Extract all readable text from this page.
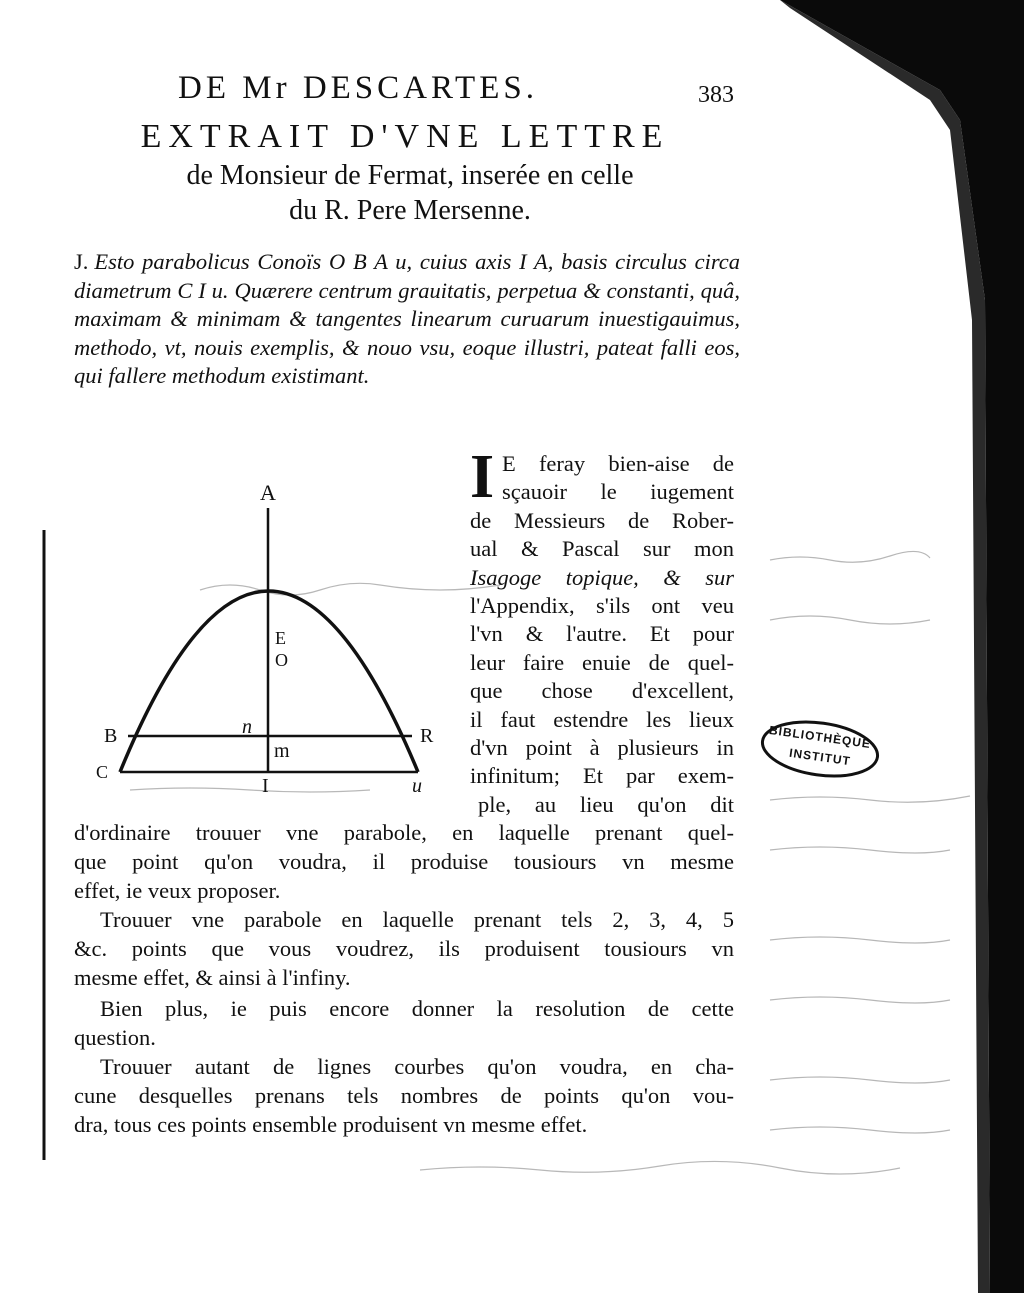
DE Mr DESCARTES.	383
EXTRAIT D'VNE LETTRE
de Monsieur de Fermat, inserée en celle
du R. Pere Mersenne.
J. Esto parabolicus Conoïs O B A u, cuius axis I A, basis circulus circa diametrum C I u. Quærere centrum grauitatis, perpetua & constanti, quâ, maximam & minimam & tangentes linearum curuarum inuestigauimus, methodo, vt, nouis exemplis, & nouo vsu, eoque illustri, pateat falli eos, qui fallere methodum existimant.
A
E
O
B	R
n
m
C
I	u
I E feray bien-aise de
sçauoir le iugement
de Messieurs de Rober-
ual & Pascal sur mon
Isagoge topique, & sur
l'Appendix, s'ils ont veu
l'vn & l'autre. Et pour
leur faire enuie de quel-
que chose d'excellent,
il faut estendre les lieux
d'vn point à plusieurs in
infinitum; Et par exem-
ple, au lieu qu'on dit
d'ordinaire trouuer vne parabole, en laquelle prenant quel-
que point qu'on voudra, il produise tousiours vn mesme
effet, ie veux proposer.
Trouuer vne parabole en laquelle prenant tels 2, 3, 4, 5
&c. points que vous voudrez, ils produisent tousiours vn
mesme effet, & ainsi à l'infiny.
Bien plus, ie puis encore donner la resolution de cette
question.
Trouuer autant de lignes courbes qu'on voudra, en cha-
cune desquelles prenans tels nombres de points qu'on vou-
dra, tous ces points ensemble produisent vn mesme effet.
BIBLIOTHÈQUE
INSTITUT
